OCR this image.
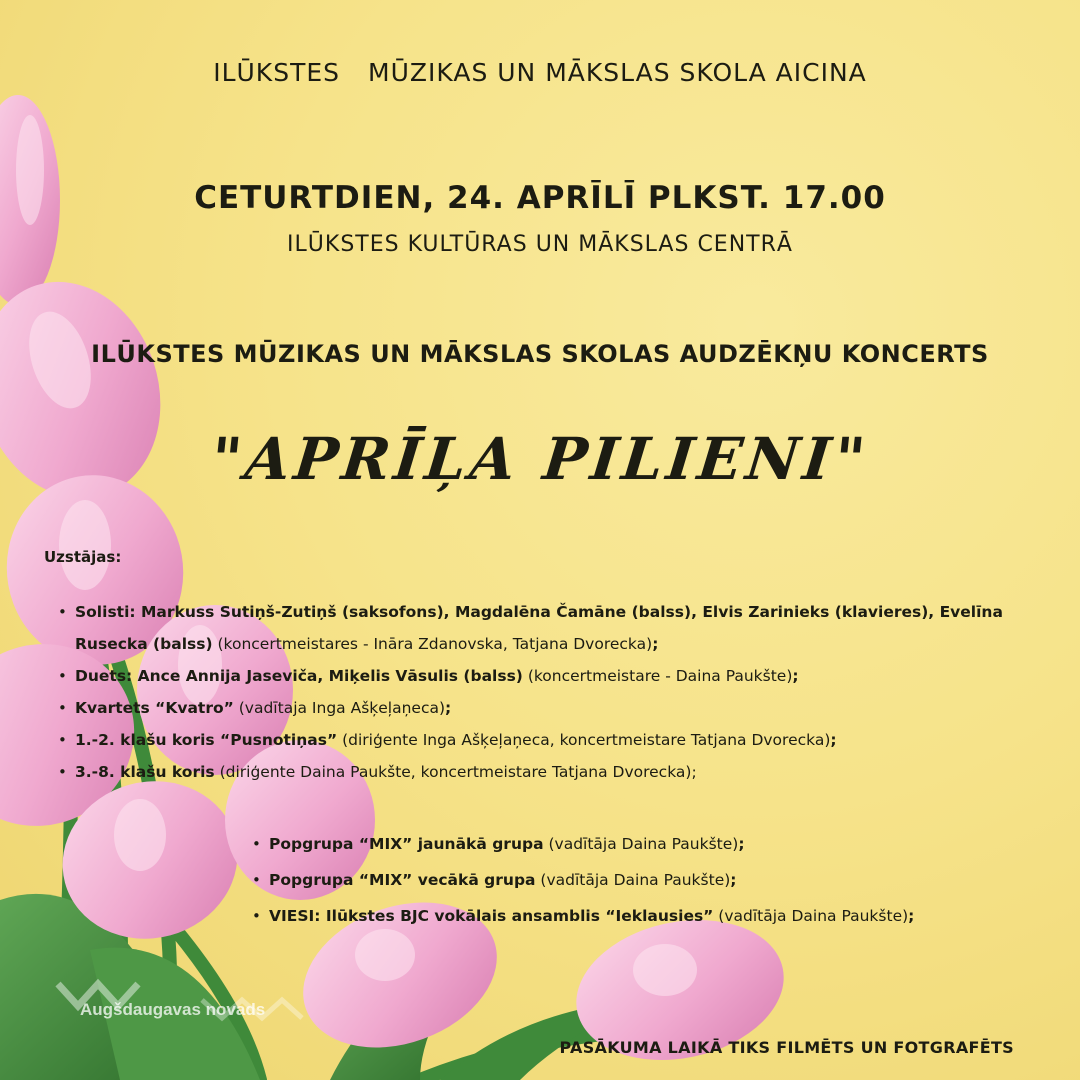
ILŪKSTES MŪZIKAS UN MĀKSLAS SKOLA AICINA
CETURTDIEN, 24. APRĪLĪ PLKST. 17.00
ILŪKSTES KULTŪRAS UN MĀKSLAS CENTRĀ
ILŪKSTES MŪZIKAS UN MĀKSLAS SKOLAS AUDZĒKŅU KONCERTS
"APRĪĻA PILIENI"
Uzstājas:
• Solisti: Markuss Sutiņš-Zutiņš (saksofons), Magdalēna Čamāne (balss), Elvis Zarinieks (klavieres), Evelīna Rusecka (balss) (koncertmeistares - Ināra Zdanovska, Tatjana Dvorecka);
• Duets: Ance Annija Jaseviča, Miķelis Vāsulis (balss) (koncertmeistare - Daina Paukšte);
• Kvartets “Kvatro” (vadītaja Inga Ašķeļaņeca);
• 1.-2. klašu koris “Pusnotiņas” (diriģente Inga Ašķeļaņeca, koncertmeistare Tatjana Dvorecka);
• 3.-8. klašu koris (diriģente Daina Paukšte, koncertmeistare Tatjana Dvorecka);
• Popgrupa “MIX” jaunākā grupa (vadītāja Daina Paukšte);
• Popgrupa “MIX” vecākā grupa (vadītāja Daina Paukšte);
• VIESI: Ilūkstes BJC vokālais ansamblis “Ieklausies” (vadītāja Daina Paukšte);
Augšdaugavas novads
PASĀKUMA LAIKĀ TIKS FILMĒTS UN FOTGRAFĒTS
